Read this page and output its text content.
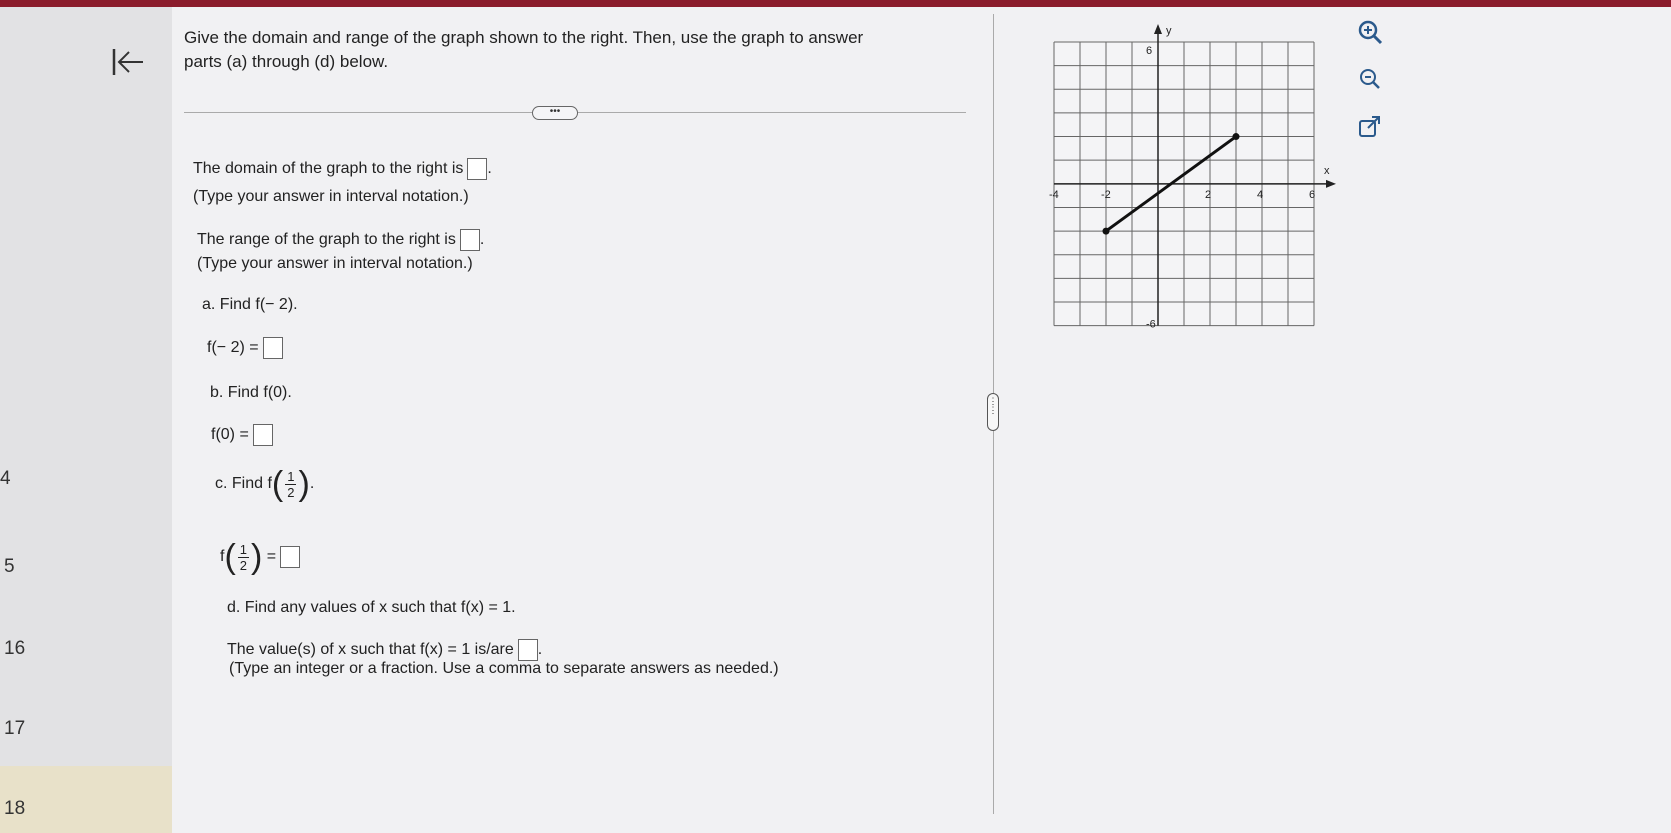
4
5
16
17
18
Give the domain and range of the graph shown to the right. Then, use the graph to answer
parts (a) through (d) below.
•••
⋮
⋮
The domain of the graph to the right is .
(Type your answer in interval notation.)
The range of the graph to the right is .
(Type your answer in interval notation.)
a. Find f(− 2).
f(− 2) =
b. Find f(0).
f(0) =
c. Find $f( \frac{1}{2}$ ).
$f( \frac{1}{2}$ ) =
d. Find any values of x such that f(x) = 1.
The value(s) of x such that f(x) = 1 is/are .
(Type an integer or a fraction. Use a comma to separate answers as needed.)
x
y
-4	-2	2	4	6
6
-6
